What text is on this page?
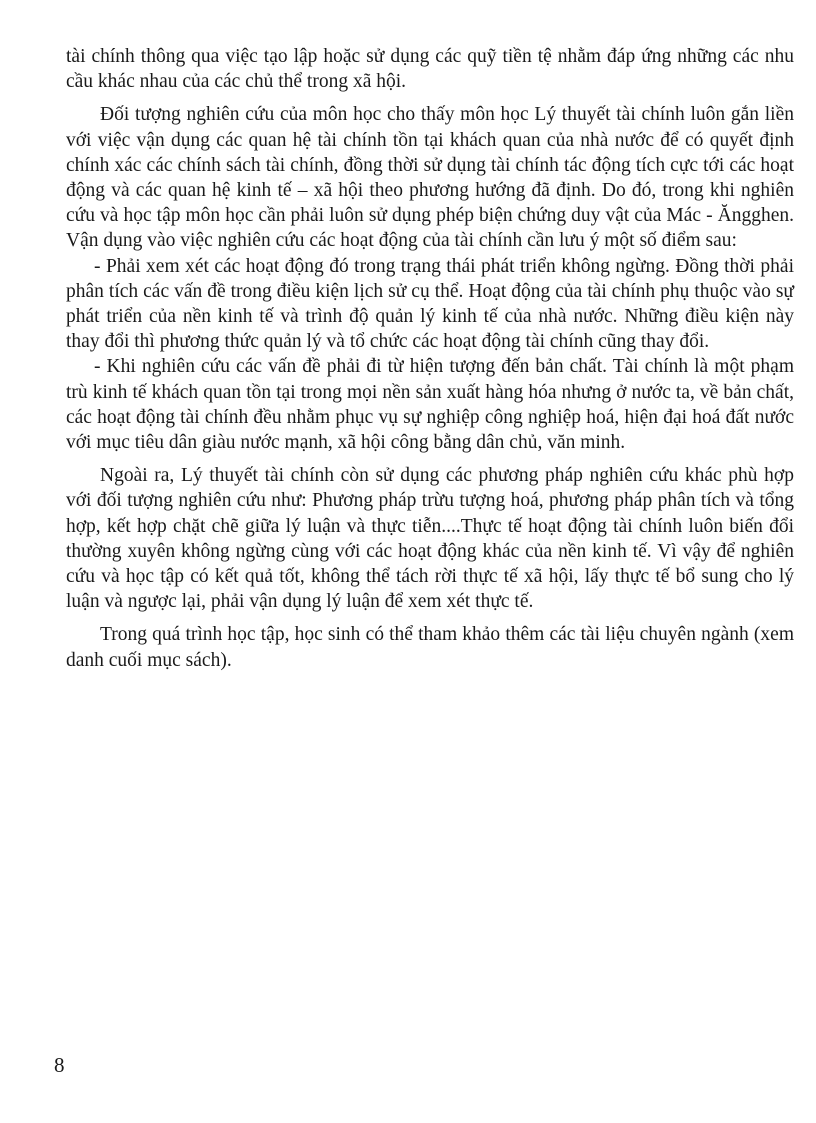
tài chính thông qua việc tạo lập hoặc sử dụng các quỹ tiền tệ nhằm đáp ứng những các nhu cầu khác nhau của các chủ thể trong xã hội.

Đối tượng nghiên cứu của môn học cho thấy môn học Lý thuyết tài chính luôn gắn liền với việc vận dụng các quan hệ tài chính tồn tại khách quan của nhà nước để có quyết định chính xác các chính sách tài chính, đồng thời sử dụng tài chính tác động tích cực tới các hoạt động và các quan hệ kinh tế – xã hội theo phương hướng đã định. Do đó, trong khi nghiên cứu và học tập môn học cần phải luôn sử dụng phép biện chứng duy vật của Mác - Ăngghen. Vận dụng vào việc nghiên cứu các hoạt động của tài chính cần lưu ý một số điểm sau:

- Phải xem xét các hoạt động đó trong trạng thái phát triển không ngừng. Đồng thời phải phân tích các vấn đề trong điều kiện lịch sử cụ thể. Hoạt động của tài chính phụ thuộc vào sự phát triển của nền kinh tế và trình độ quản lý kinh tế của nhà nước. Những điều kiện này thay đổi thì phương thức quản lý và tổ chức các hoạt động tài chính cũng thay đổi.

- Khi nghiên cứu các vấn đề phải đi từ hiện tượng đến bản chất. Tài chính là một phạm trù kinh tế khách quan tồn tại trong mọi nền sản xuất hàng hóa nhưng ở nước ta, về bản chất, các hoạt động tài chính đều nhằm phục vụ sự nghiệp công nghiệp hoá, hiện đại hoá đất nước với mục tiêu dân giàu nước mạnh, xã hội công bằng dân chủ, văn minh.

Ngoài ra, Lý thuyết tài chính còn sử dụng các phương pháp nghiên cứu khác phù hợp với đối tượng nghiên cứu như: Phương pháp trừu tượng hoá, phương pháp phân tích và tổng hợp, kết hợp chặt chẽ giữa lý luận và thực tiễn....Thực tế hoạt động tài chính luôn biến đổi thường xuyên không ngừng cùng với các hoạt động khác của nền kinh tế. Vì vậy để nghiên cứu và học tập có kết quả tốt, không thể tách rời thực tế xã hội, lấy thực tế bổ sung cho lý luận và ngược lại, phải vận dụng lý luận để xem xét thực tế.

Trong quá trình học tập, học sinh có thể tham khảo thêm các tài liệu chuyên ngành (xem danh cuối mục sách).

8
